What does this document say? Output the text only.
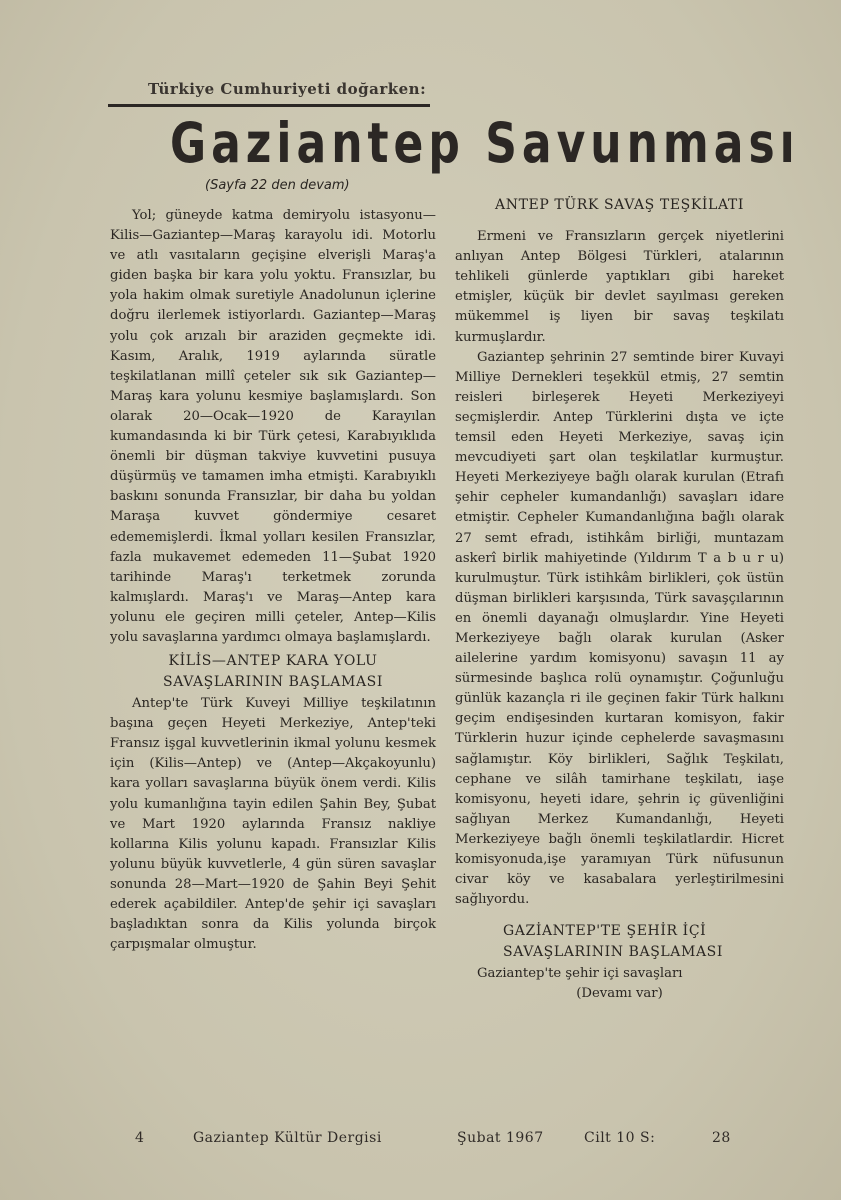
Türkiye Cumhuriyeti doğarken:
Gaziantep Savunması
(Sayfa 22 den devam)

Yol; güneyde katma demiryolu istasyonu—Kilis—Gaziantep—Maraş karayolu idi. Motorlu ve atlı vasıtaların geçişine elverişli Maraş'a giden başka bir kara yolu yoktu. Fransızlar, bu yola hakim olmak suretiyle Anadolunun içlerine doğru ilerlemek istiyorlardı. Gaziantep—Maraş yolu çok arızalı bir araziden geçmekte idi. Kasım, Aralık, 1919 aylarında süratle teşkilatlanan millî çeteler sık sık Gaziantep—Maraş kara yolunu kesmiye başlamışlardı. Son olarak 20—Ocak—1920 de Karayılan kumandasında ki bir Türk çetesi, Karabıyıklıda önemli bir düşman takviye kuvvetini pusuya düşürmüş ve tamamen imha etmişti. Karabıyıklı baskını sonunda Fransızlar, bir daha bu yoldan Maraşa kuvvet göndermiye cesaret edememişlerdi. İkmal yolları kesilen Fransızlar, fazla mukavemet edemeden 11—Şubat 1920 tarihinde Maraş'ı terketmek zorunda kalmışlardı. Maraş'ı ve Maraş—Antep kara yolunu ele geçiren milli çeteler, Antep—Kilis yolu savaşlarına yardımcı olmaya başlamışlardı.

KİLİS—ANTEP KARA YOLU
SAVAŞLARININ BAŞLAMASI

Antep'te Türk Kuveyi Milliye teşkilatının başına geçen Heyeti Merkeziye, Antep'teki Fransız işgal kuvvetlerinin ikmal yolunu kesmek için (Kilis—Antep) ve (Antep—Akçakoyunlu) kara yolları savaşlarına büyük önem verdi. Kilis yolu kumanlığına tayin edilen Şahin Bey, Şubat ve Mart 1920 aylarında Fransız nakliye kollarına Kilis yolunu kapadı. Fransızlar Kilis yolunu büyük kuvvetlerle, 4 gün süren savaşlar sonunda 28—Mart—1920 de Şahin Beyi Şehit ederek açabildiler. Antep'de şehir içi savaşları başladıktan sonra da Kilis yolunda birçok çarpışmalar olmuştur.

ANTEP TÜRK SAVAŞ TEŞKİLATI

Ermeni ve Fransızların gerçek niyetlerini anlıyan Antep Bölgesi Türkleri, atalarının tehlikeli günlerde yaptıkları gibi hareket etmişler, küçük bir devlet sayılması gereken mükemmel iş liyen bir savaş teşkilatı kurmuşlardır.

Gaziantep şehrinin 27 semtinde birer Kuvayi Milliye Dernekleri teşekkül etmiş, 27 semtin reisleri birleşerek Heyeti Merkeziyeyi seçmişlerdir. Antep Türklerini dışta ve içte temsil eden Heyeti Merkeziye, savaş için mevcudiyeti şart olan teşkilatlar kurmuştur. Heyeti Merkeziyeye bağlı olarak kurulan (Etrafı şehir cepheler kumandanlığı) savaşları idare etmiştir. Cepheler Kumandanlığına bağlı olarak 27 semt efradı, istihkâm birliği, muntazam askerî birlik mahiyetinde (Yıldırım T a b u r u) kurulmuştur. Türk istihkâm birlikleri, çok üstün düşman birlikleri karşısında, Türk savaşçılarının en önemli dayanağı olmuşlardır. Yine Heyeti Merkeziyeye bağlı olarak kurulan (Asker ailelerine yardım komisyonu) savaşın 11 ay sürmesinde başlıca rolü oynamıştır. Çoğunluğu günlük kazançla ri ile geçinen fakir Türk halkını geçim endişesinden kurtaran komisyon, fakir Türklerin huzur içinde cephelerde savaşmasını sağlamıştır. Köy birlikleri, Sağlık Teşkilatı, cephane ve silâh tamirhane teşkilatı, iaşe komisyonu, heyeti idare, şehrin iç güvenliğini sağlıyan Merkez Kumandanlığı, Heyeti Merkeziyeye bağlı önemli teşkilatlardir. Hicret komisyonuda,işe yaramıyan Türk nüfusunun civar köy ve kasabalara yerleştirilmesini sağlıyordu.

GAZİANTEP'TE ŞEHİR İÇİ
SAVAŞLARININ BAŞLAMASI

Gaziantep'te şehir içi savaşları

(Devamı var)
4	Gaziantep Kültür Dergisi	Şubat 1967	Cilt 10 S:	28
